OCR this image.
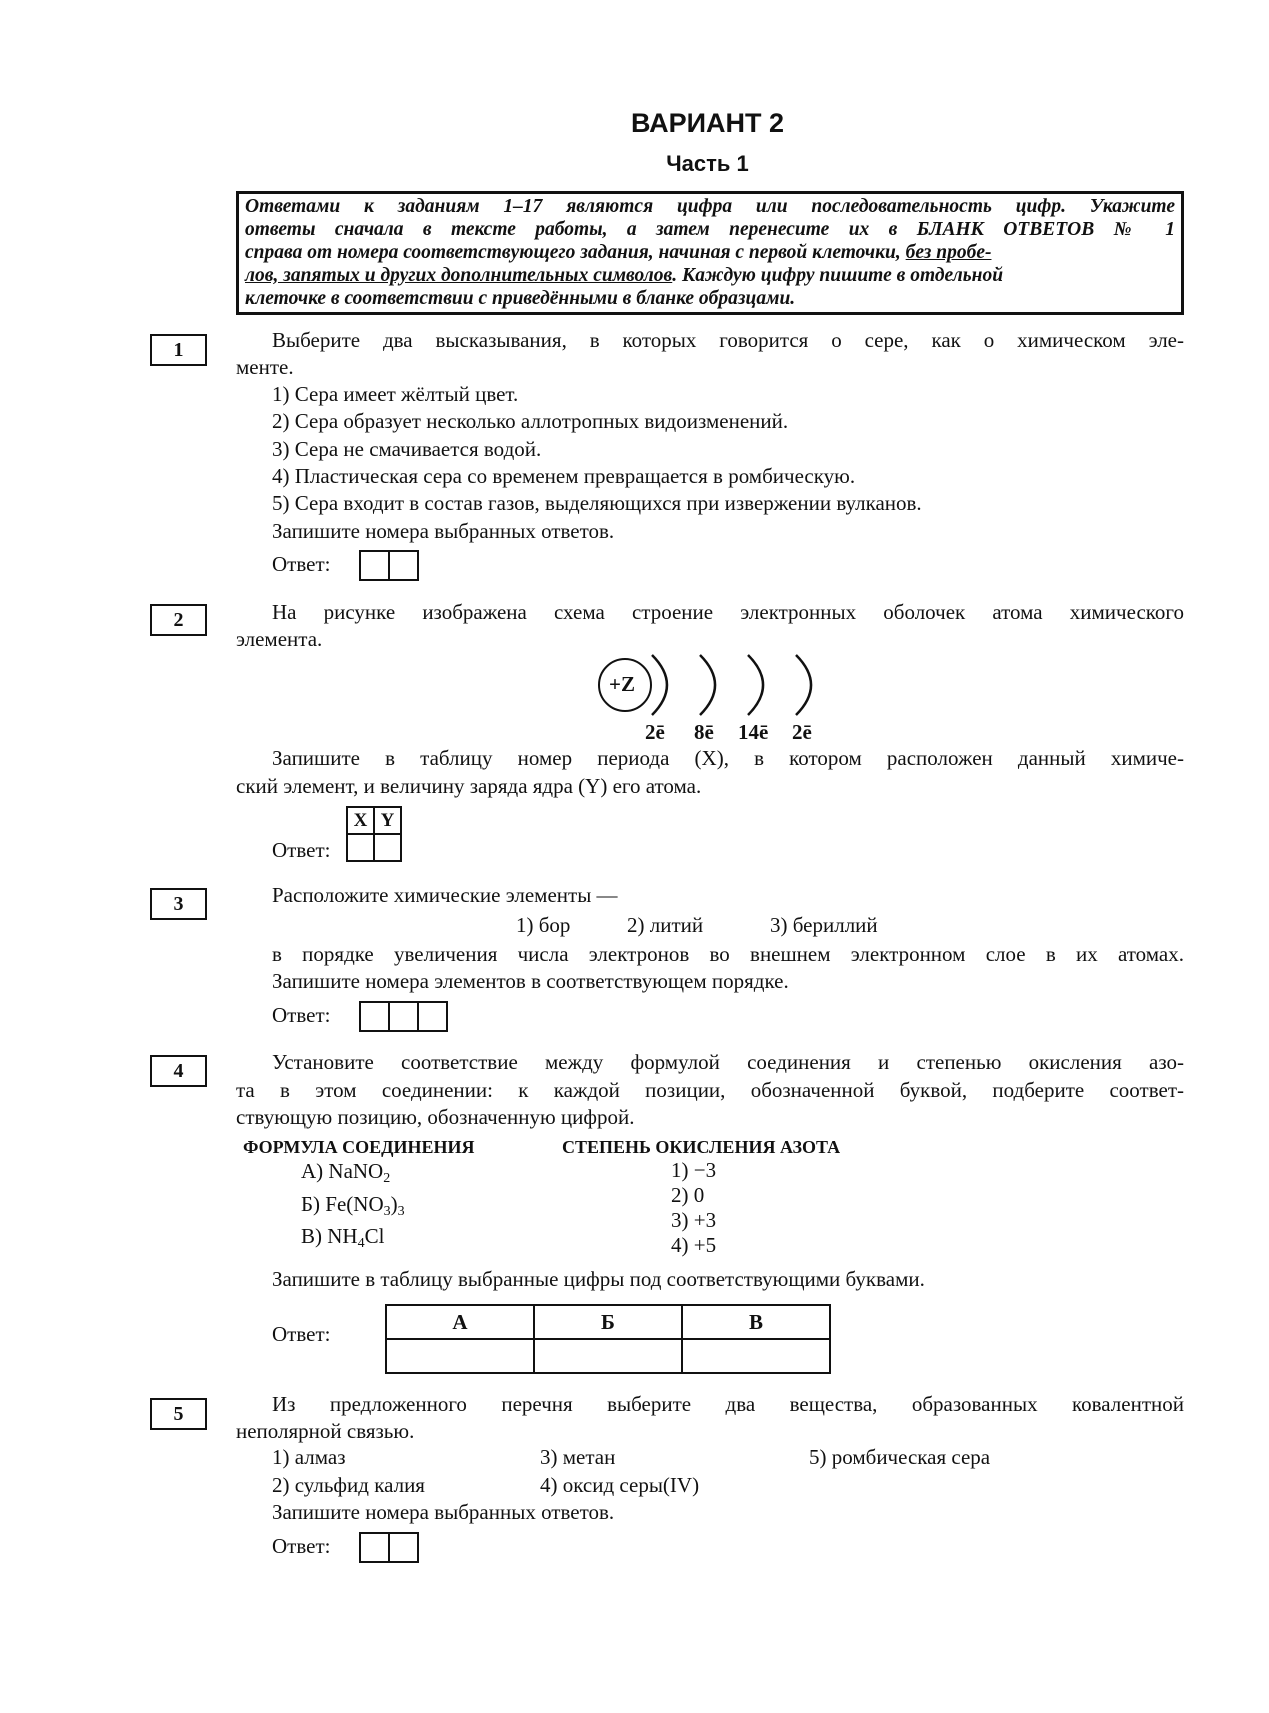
ВАРИАНТ 2
Часть 1
Ответами к заданиям 1–17 являются цифра или последовательность цифр. Укажите
ответы сначала в тексте работы, а затем перенесите их в БЛАНК ОТВЕТОВ № 1
справа от номера соответствующего задания, начиная с первой клеточки, без пробе-
лов, запятых и других дополнительных символов. Каждую цифру пишите в отдельной
клеточке в соответствии с приведёнными в бланке образцами.
1	Выберите два высказывания, в которых говорится о сере, как о химическом эле-
менте.
1) Сера имеет жёлтый цвет.
2) Сера образует несколько аллотропных видоизменений.
3) Сера не смачивается водой.
4) Пластическая сера со временем превращается в ромбическую.
5) Сера входит в состав газов, выделяющихся при извержении вулканов.
Запишите номера выбранных ответов.
Ответ:
2	На рисунке изображена схема строение электронных оболочек атома химического
элемента.
+Z
2ē 8ē 14ē 2ē
Запишите в таблицу номер периода (X), в котором расположен данный химиче-
ский элемент, и величину заряда ядра (Y) его атома.
X	Y

Ответ:
3	Расположите химические элементы —
1) бор	2) литий	3) бериллий
в порядке увеличения числа электронов во внешнем электронном слое в их атомах.
Запишите номера элементов в соответствующем порядке.
Ответ:
4	Установите соответствие между формулой соединения и степенью окисления азо-
та в этом соединении: к каждой позиции, обозначенной буквой, подберите соответ-
ствующую позицию, обозначенную цифрой.
ФОРМУЛА СОЕДИНЕНИЯ	СТЕПЕНЬ ОКИСЛЕНИЯ АЗОТА
А) NaNO$_2$
Б) $Fe(NO_3)_3$
В) $NH_4Cl$
1) −3
2) 0
3) +3
4) +5
Запишите в таблицу выбранные цифры под соответствующими буквами.
Ответ:
А	Б	В

5	Из предложенного перечня выберите два вещества, образованных ковалентной
неполярной связью.
1) алмаз
2) сульфид калия
3) метан
4) оксид серы(IV)
5) ромбическая сера
Запишите номера выбранных ответов.
Ответ:
